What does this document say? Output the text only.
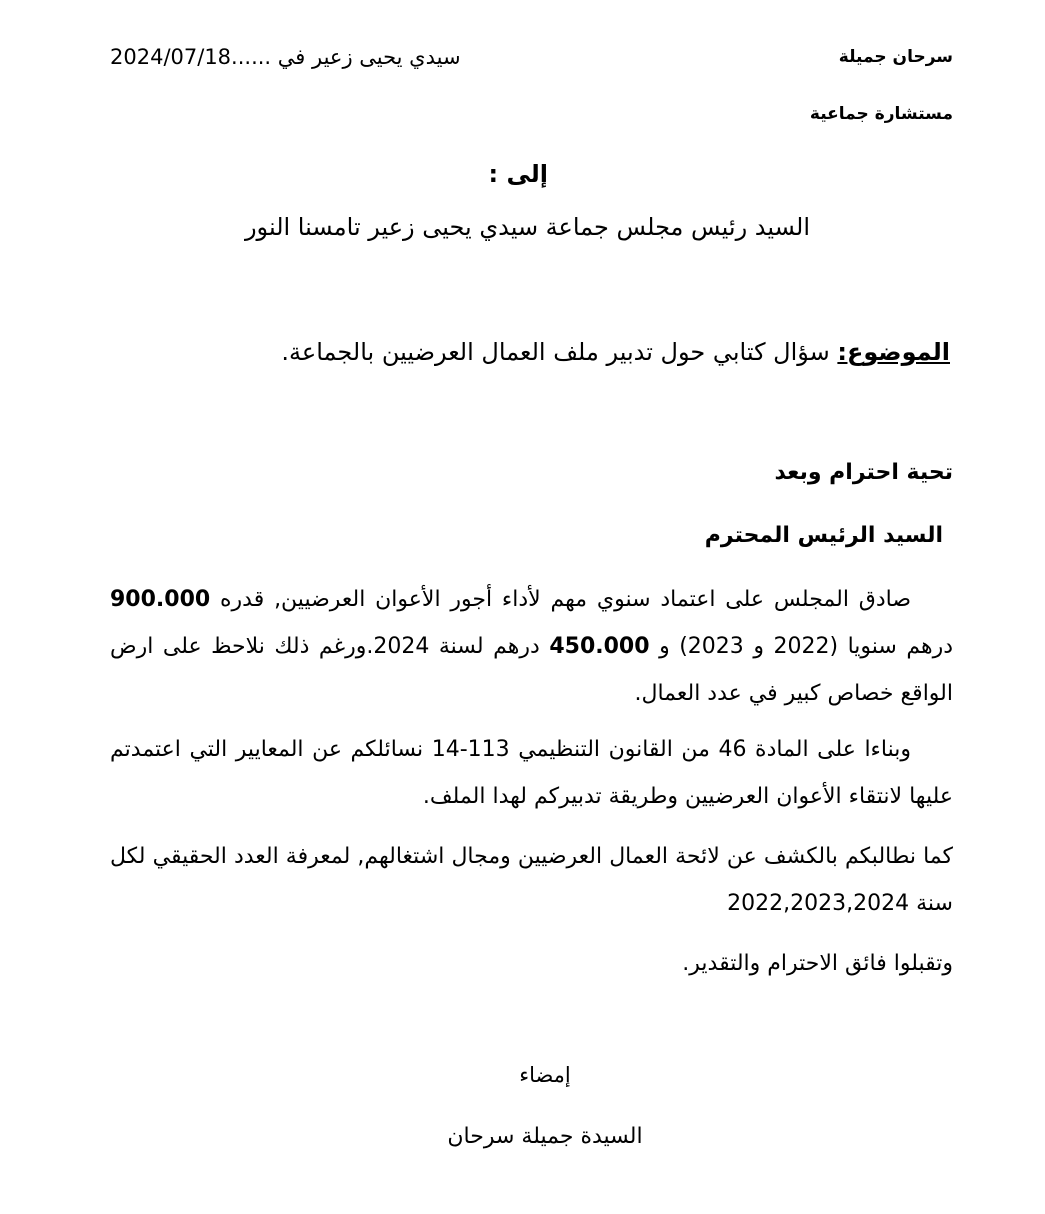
سرحان جميلة
مستشارة جماعية
2024/07/18...... سيدي يحيى زعير في
إلى :
السيد رئيس مجلس جماعة سيدي يحيى زعير تامسنا النور
الموضوع: سؤال كتابي حول تدبير ملف العمال العرضيين بالجماعة.
تحية احترام وبعد
السيد الرئيس المحترم
صادق المجلس على اعتماد سنوي مهم لأداء أجور الأعوان العرضيين, قدره 900.000 درهم سنويا (2022 و 2023) و 450.000 درهم لسنة 2024.ورغم ذلك نلاحظ على ارض الواقع خصاص كبير في عدد العمال.
وبناءا على المادة 46 من القانون التنظيمي 113-14 نسائلكم عن المعايير التي اعتمدتم عليها لانتقاء الأعوان العرضيين وطريقة تدبيركم لهدا الملف.
كما نطالبكم بالكشف عن لائحة العمال العرضيين ومجال اشتغالهم, لمعرفة العدد الحقيقي لكل سنة 2022,2023,2024
وتقبلوا فائق الاحترام والتقدير.
إمضاء
السيدة جميلة سرحان
